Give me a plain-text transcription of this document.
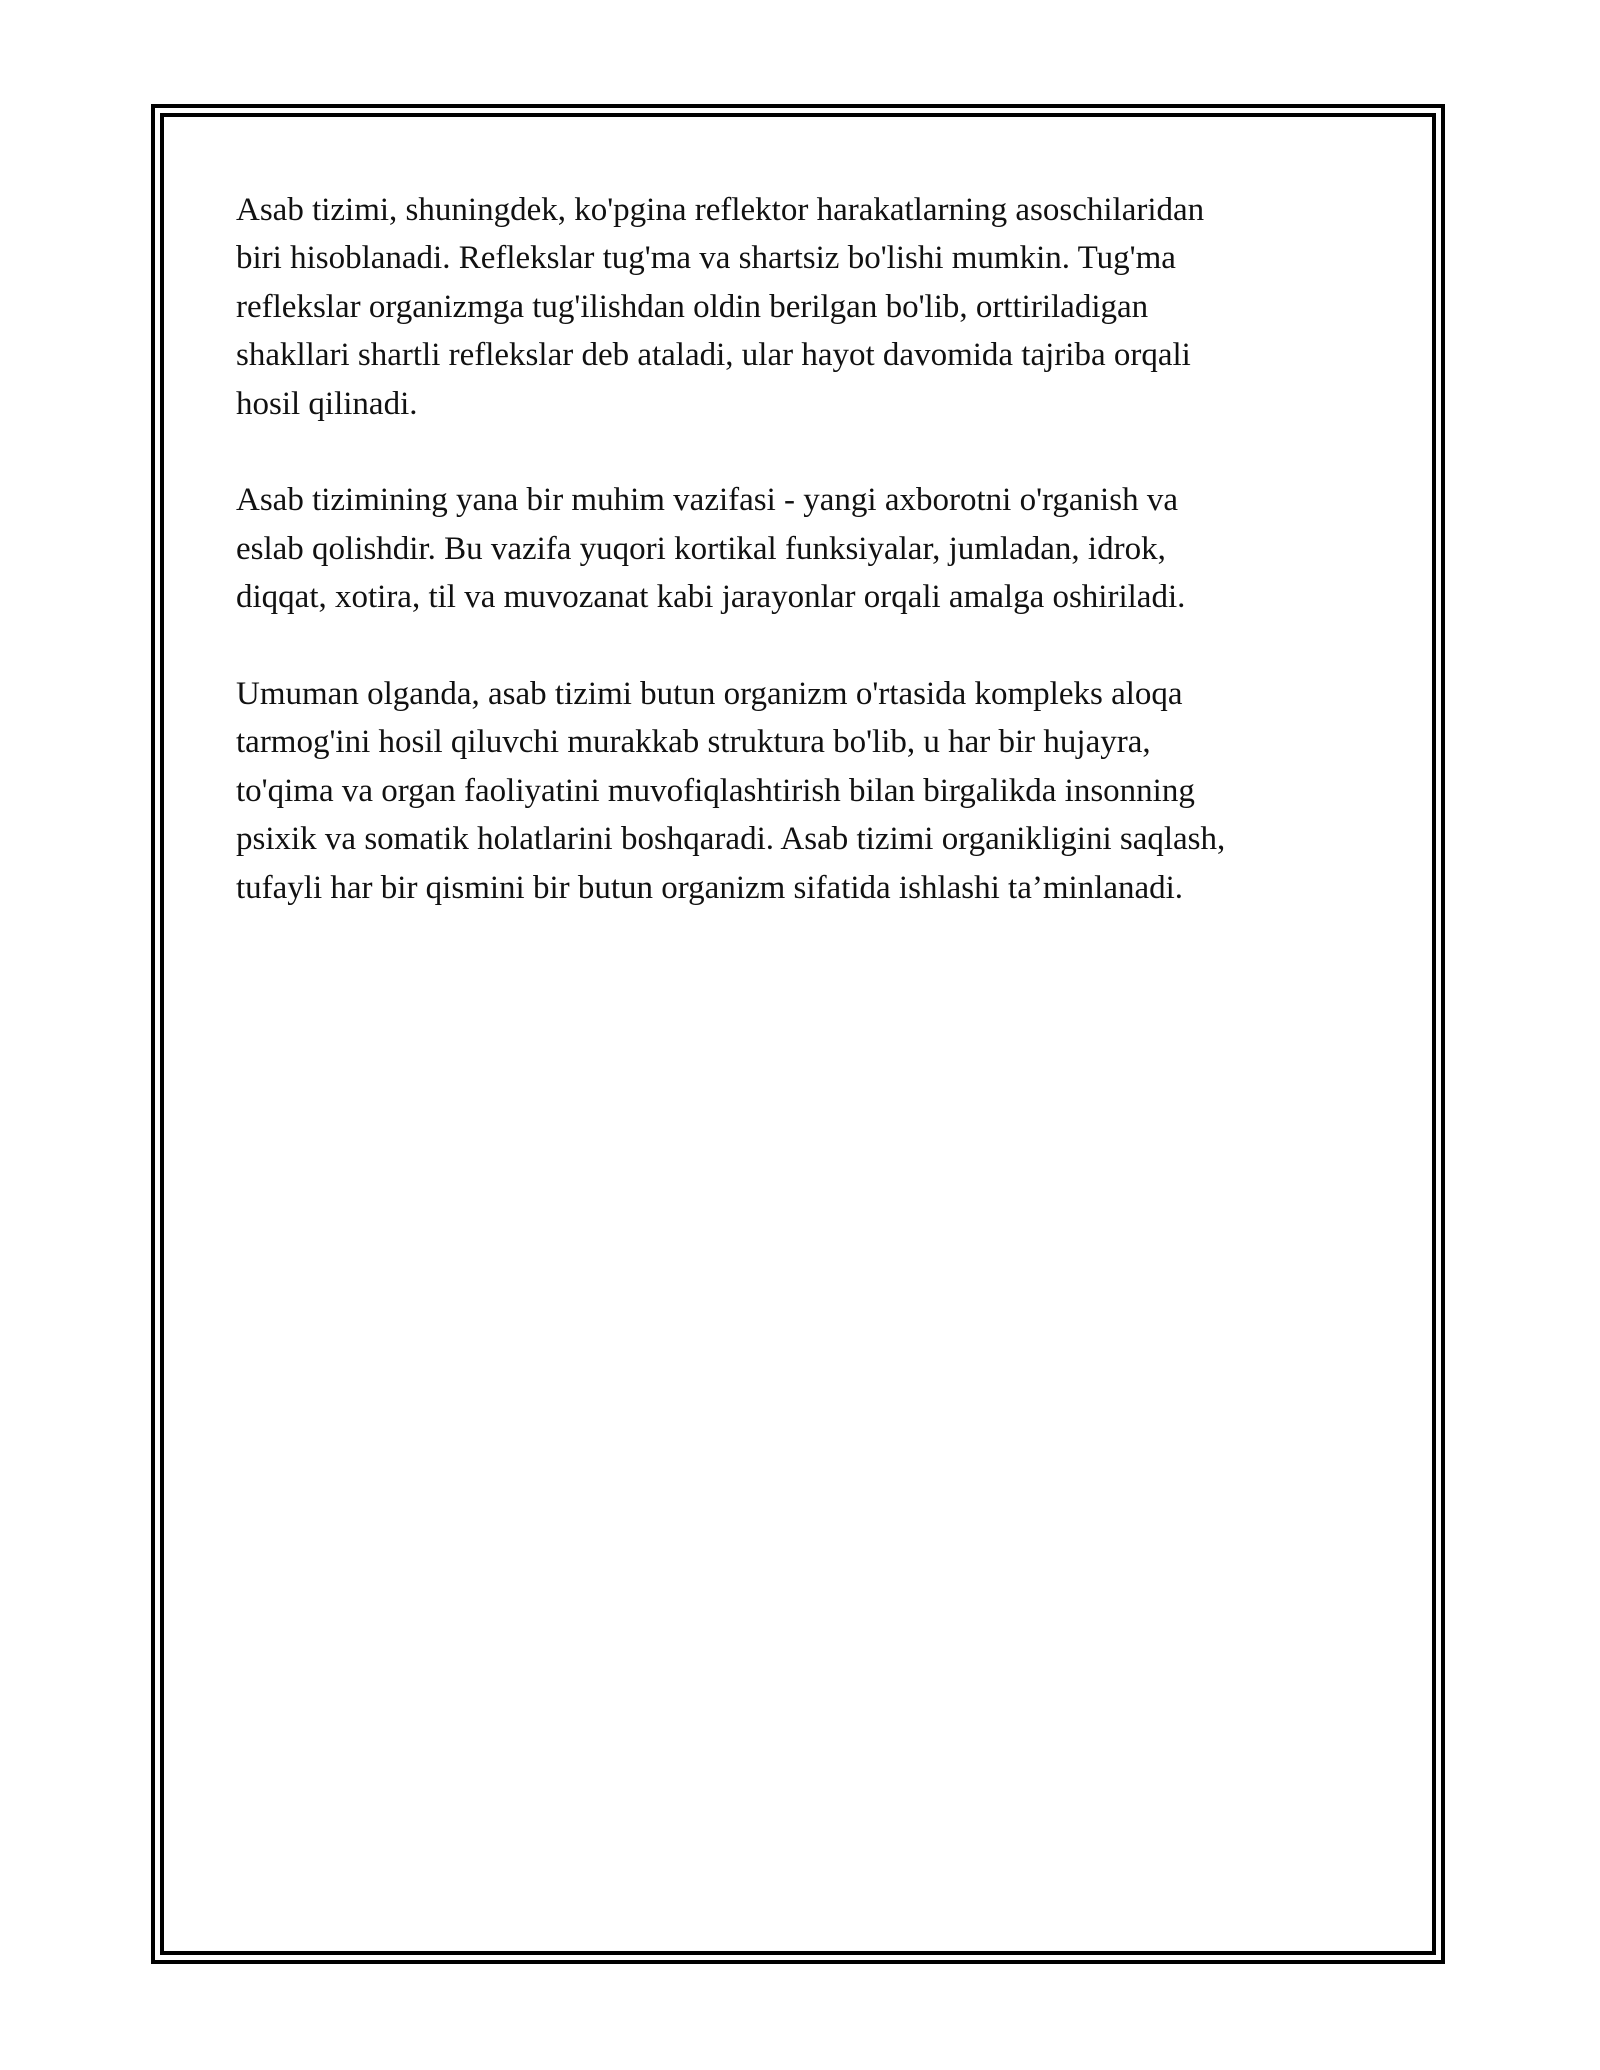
Asab tizimi, shuningdek, ko'pgina reflektor harakatlarning asoschilaridan
biri hisoblanadi. Reflekslar tug'ma va shartsiz bo'lishi mumkin. Tug'ma
reflekslar organizmga tug'ilishdan oldin berilgan bo'lib, orttiriladigan
shakllari shartli reflekslar deb ataladi, ular hayot davomida tajriba orqali
hosil qilinadi.

Asab tizimining yana bir muhim vazifasi - yangi axborotni o'rganish va
eslab qolishdir. Bu vazifa yuqori kortikal funksiyalar, jumladan, idrok,
diqqat, xotira, til va muvozanat kabi jarayonlar orqali amalga oshiriladi.

Umuman olganda, asab tizimi butun organizm o'rtasida kompleks aloqa
tarmog'ini hosil qiluvchi murakkab struktura bo'lib, u har bir hujayra,
to'qima va organ faoliyatini muvofiqlashtirish bilan birgalikda insonning
psixik va somatik holatlarini boshqaradi. Asab tizimi organikligini saqlash,
tufayli har bir qismini bir butun organizm sifatida ishlashi ta’minlanadi.
